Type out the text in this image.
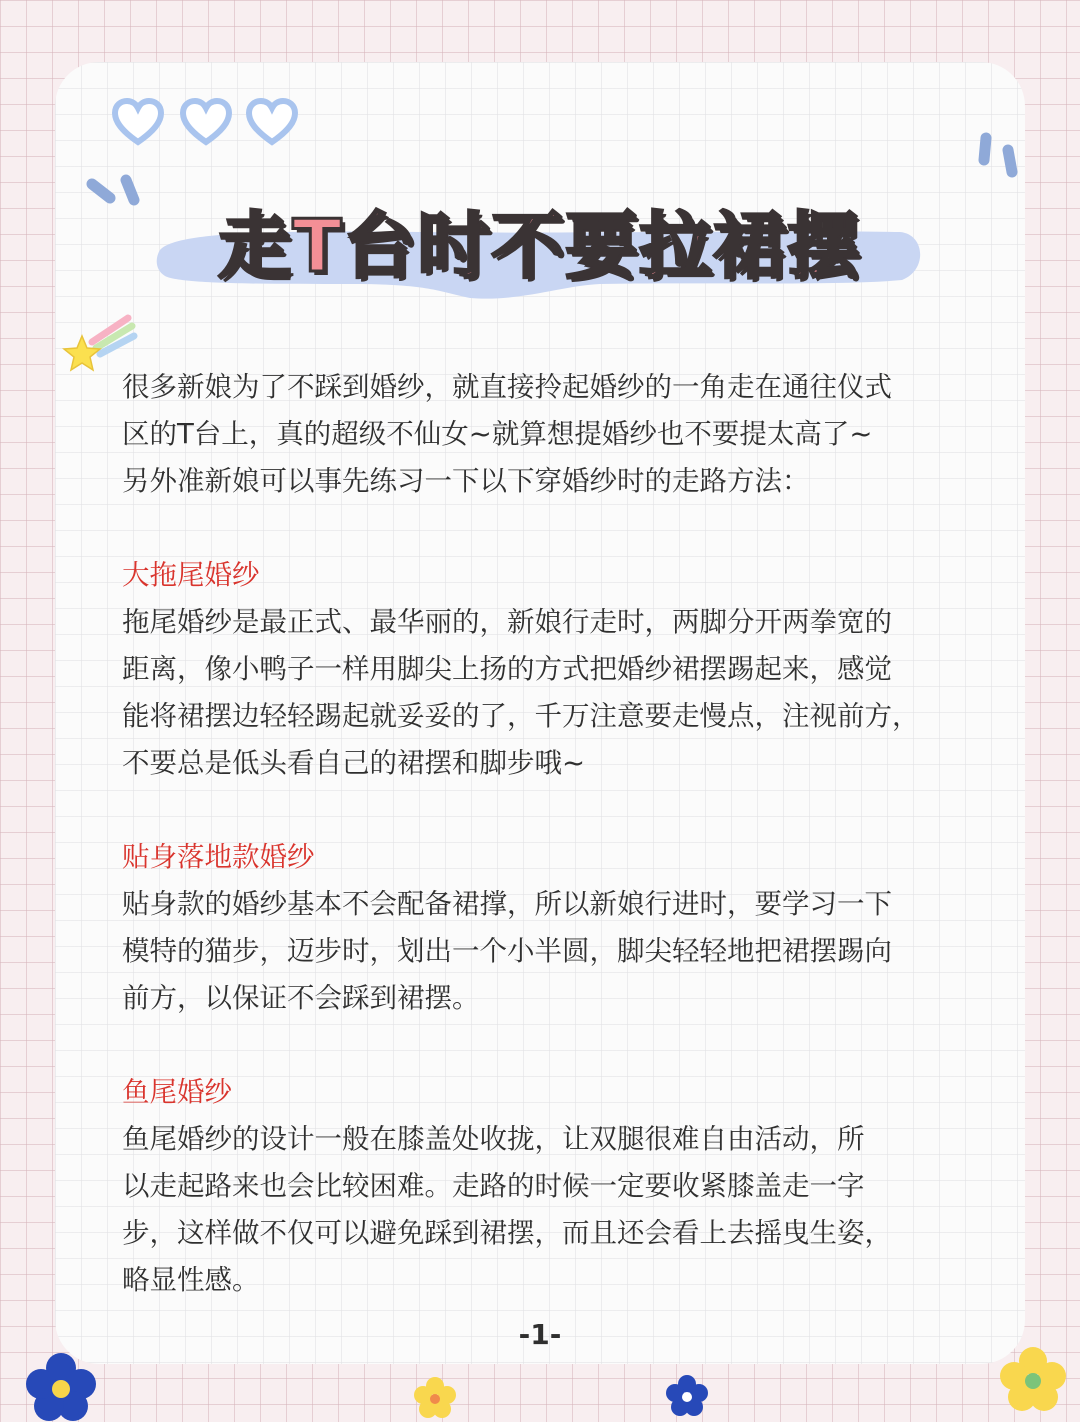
走T台时不要拉裙摆

很多新娘为了不踩到婚纱，就直接拎起婚纱的一角走在通往仪式

区的T台上，真的超级不仙女~就算想提婚纱也不要提太高了~

另外准新娘可以事先练习一下以下穿婚纱时的走路方法：

大拖尾婚纱

拖尾婚纱是最正式、最华丽的，新娘行走时，两脚分开两拳宽的

距离，像小鸭子一样用脚尖上扬的方式把婚纱裙摆踢起来，感觉

能将裙摆边轻轻踢起就妥妥的了，千万注意要走慢点，注视前方，

不要总是低头看自己的裙摆和脚步哦~

贴身落地款婚纱

贴身款的婚纱基本不会配备裙撑，所以新娘行进时，要学习一下

模特的猫步，迈步时，划出一个小半圆，脚尖轻轻地把裙摆踢向

前方，以保证不会踩到裙摆。

鱼尾婚纱

鱼尾婚纱的设计一般在膝盖处收拢，让双腿很难自由活动，所

以走起路来也会比较困难。走路的时候一定要收紧膝盖走一字

步，这样做不仅可以避免踩到裙摆，而且还会看上去摇曳生姿，

略显性感。

-1-
